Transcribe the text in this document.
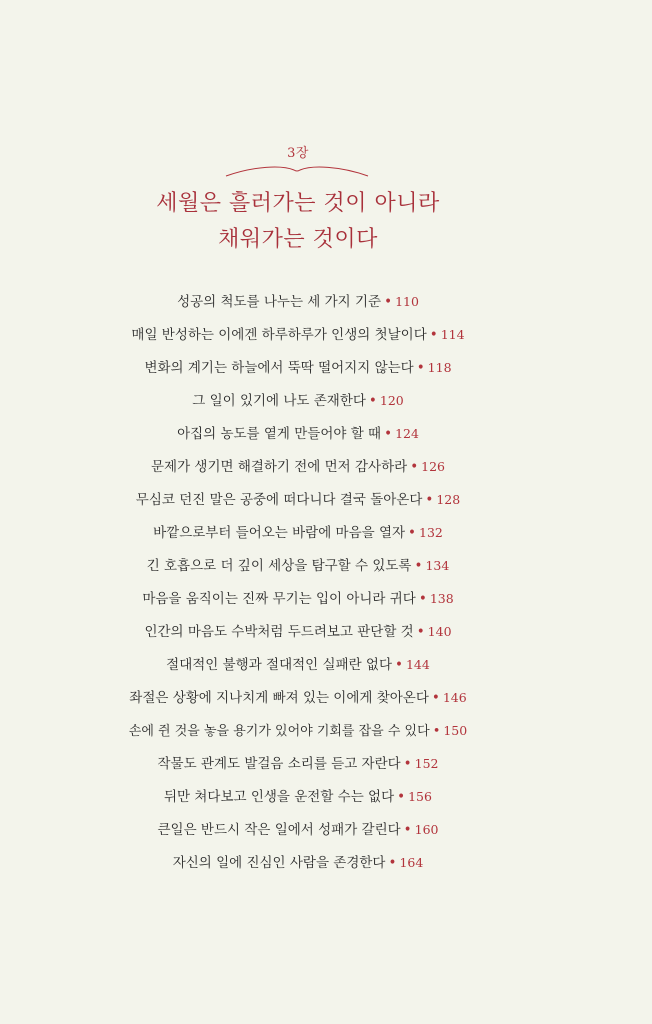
3장
세월은 흘러가는 것이 아니라
채워가는 것이다
성공의 척도를 나누는 세 가지 기준 • 110
매일 반성하는 이에겐 하루하루가 인생의 첫날이다 • 114
변화의 계기는 하늘에서 뚝딱 떨어지지 않는다 • 118
그 일이 있기에 나도 존재한다 • 120
아집의 농도를 옅게 만들어야 할 때 • 124
문제가 생기면 해결하기 전에 먼저 감사하라 • 126
무심코 던진 말은 공중에 떠다니다 결국 돌아온다 • 128
바깥으로부터 들어오는 바람에 마음을 열자 • 132
긴 호흡으로 더 깊이 세상을 탐구할 수 있도록 • 134
마음을 움직이는 진짜 무기는 입이 아니라 귀다 • 138
인간의 마음도 수박처럼 두드려보고 판단할 것 • 140
절대적인 불행과 절대적인 실패란 없다 • 144
좌절은 상황에 지나치게 빠져 있는 이에게 찾아온다 • 146
손에 쥔 것을 놓을 용기가 있어야 기회를 잡을 수 있다 • 150
작물도 관계도 발걸음 소리를 듣고 자란다 • 152
뒤만 쳐다보고 인생을 운전할 수는 없다 • 156
큰일은 반드시 작은 일에서 성패가 갈린다 • 160
자신의 일에 진심인 사람을 존경한다 • 164
